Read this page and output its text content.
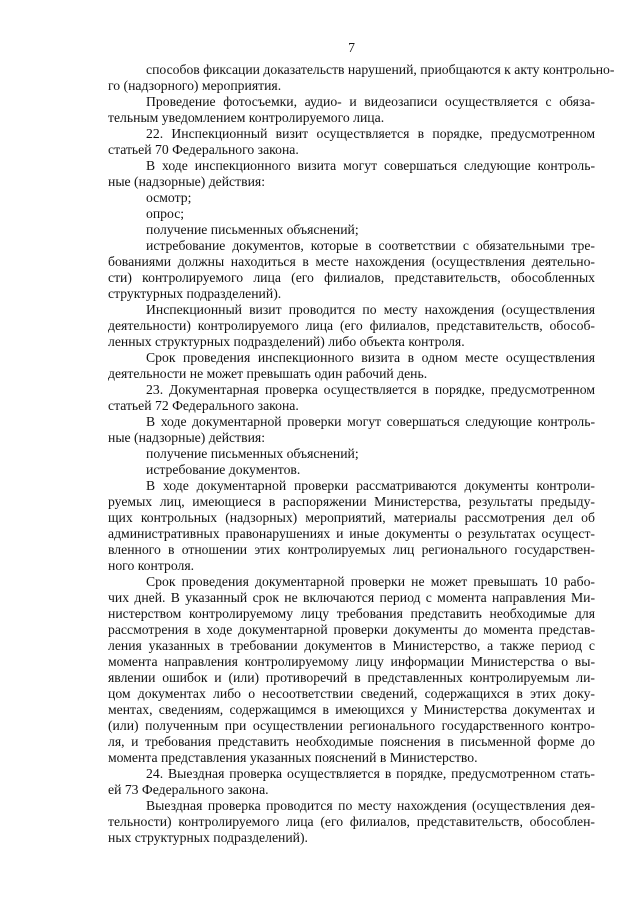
7
способов фиксации доказательств нарушений, приобщаются к акту контрольно-
го (надзорного) мероприятия.
Проведение фотосъемки, аудио- и видеозаписи осуществляется с обяза-
тельным уведомлением контролируемого лица.
22. Инспекционный визит осуществляется в порядке, предусмотренном
статьей 70 Федерального закона.
В ходе инспекционного визита могут совершаться следующие контроль-
ные (надзорные) действия:
осмотр;
опрос;
получение письменных объяснений;
истребование документов, которые в соответствии с обязательными тре-
бованиями должны находиться в месте нахождения (осуществления деятельно-
сти) контролируемого лица (его филиалов, представительств, обособленных
структурных подразделений).
Инспекционный визит проводится по месту нахождения (осуществления
деятельности) контролируемого лица (его филиалов, представительств, обособ-
ленных структурных подразделений) либо объекта контроля.
Срок проведения инспекционного визита в одном месте осуществления
деятельности не может превышать один рабочий день.
23. Документарная проверка осуществляется в порядке, предусмотренном
статьей 72 Федерального закона.
В ходе документарной проверки могут совершаться следующие контроль-
ные (надзорные) действия:
получение письменных объяснений;
истребование документов.
В ходе документарной проверки рассматриваются документы контроли-
руемых лиц, имеющиеся в распоряжении Министерства, результаты предыду-
щих контрольных (надзорных) мероприятий, материалы рассмотрения дел об
административных правонарушениях и иные документы о результатах осущест-
вленного в отношении этих контролируемых лиц регионального государствен-
ного контроля.
Срок проведения документарной проверки не может превышать 10 рабо-
чих дней. В указанный срок не включаются период с момента направления Ми-
нистерством контролируемому лицу требования представить необходимые для
рассмотрения в ходе документарной проверки документы до момента представ-
ления указанных в требовании документов в Министерство, а также период с
момента направления контролируемому лицу информации Министерства о вы-
явлении ошибок и (или) противоречий в представленных контролируемым ли-
цом документах либо о несоответствии сведений, содержащихся в этих доку-
ментах, сведениям, содержащимся в имеющихся у Министерства документах и
(или) полученным при осуществлении регионального государственного контро-
ля, и требования представить необходимые пояснения в письменной форме до
момента представления указанных пояснений в Министерство.
24. Выездная проверка осуществляется в порядке, предусмотренном стать-
ей 73 Федерального закона.
Выездная проверка проводится по месту нахождения (осуществления дея-
тельности) контролируемого лица (его филиалов, представительств, обособлен-
ных структурных подразделений).
